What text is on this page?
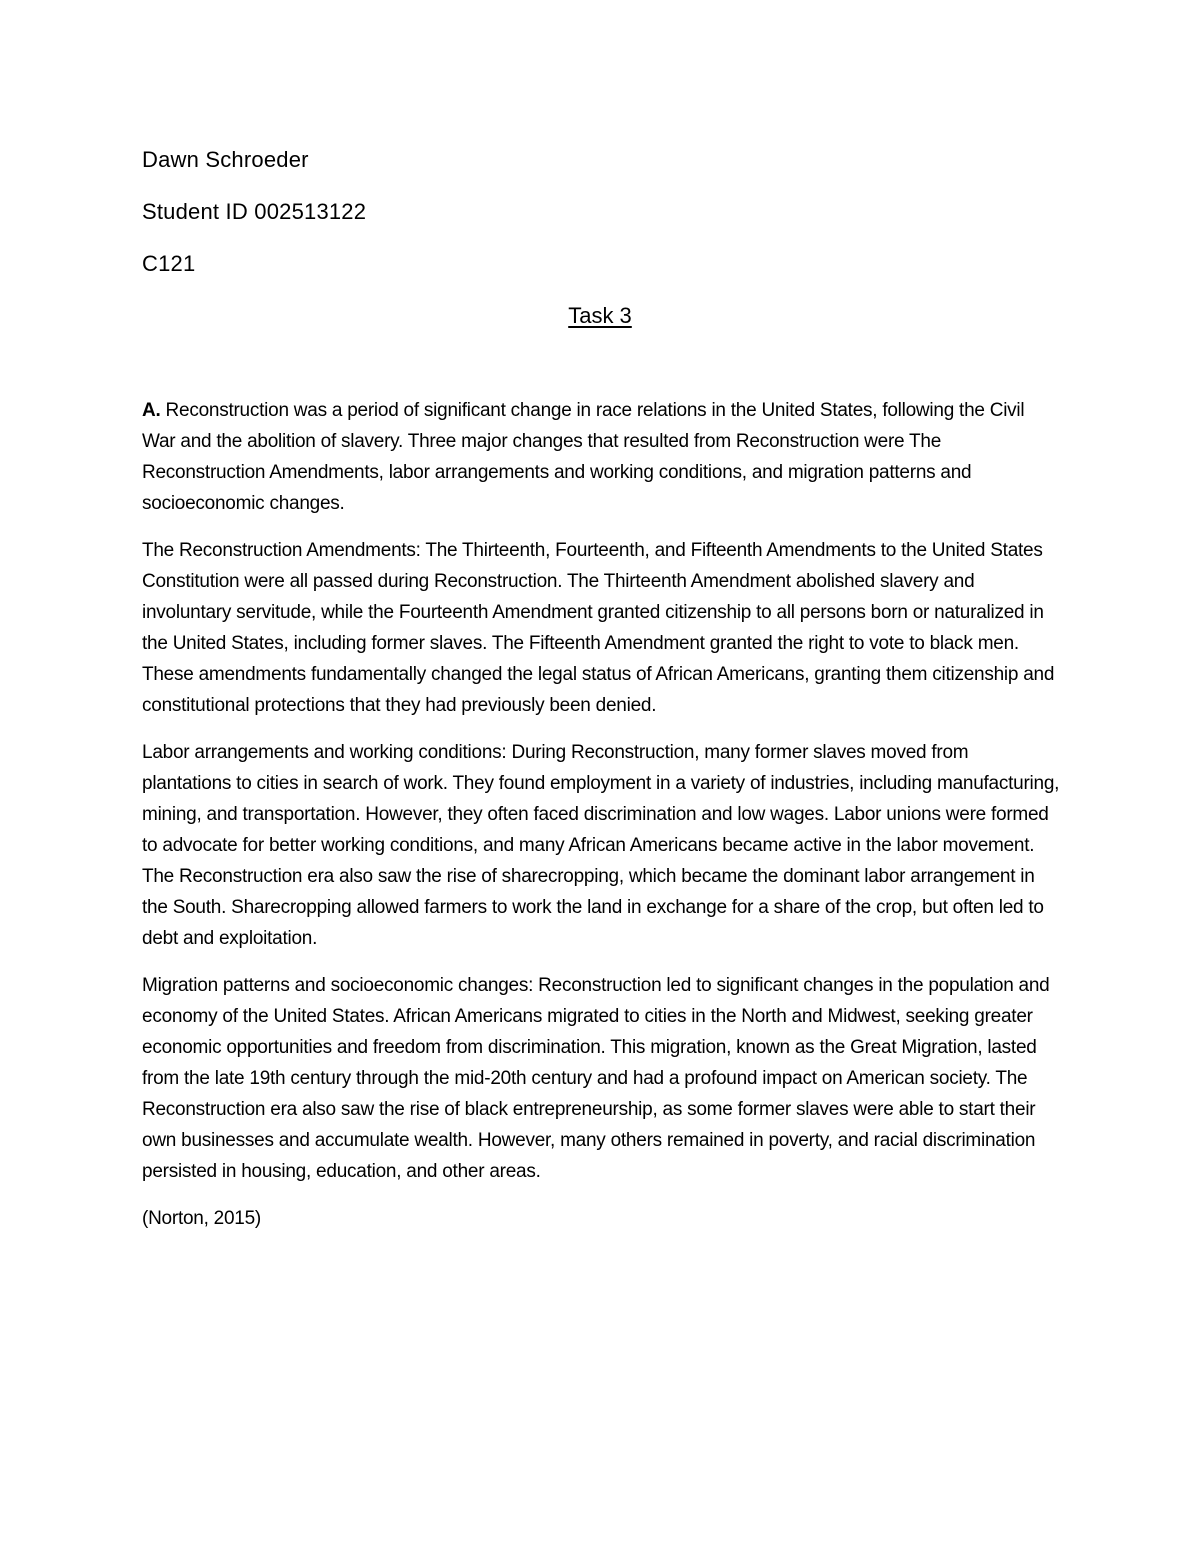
Dawn Schroeder
Student ID 002513122
C121
Task 3

A. Reconstruction was a period of significant change in race relations in the United States, following the Civil War and the abolition of slavery. Three major changes that resulted from Reconstruction were The Reconstruction Amendments, labor arrangements and working conditions, and migration patterns and socioeconomic changes.

The Reconstruction Amendments: The Thirteenth, Fourteenth, and Fifteenth Amendments to the United States Constitution were all passed during Reconstruction. The Thirteenth Amendment abolished slavery and involuntary servitude, while the Fourteenth Amendment granted citizenship to all persons born or naturalized in the United States, including former slaves. The Fifteenth Amendment granted the right to vote to black men. These amendments fundamentally changed the legal status of African Americans, granting them citizenship and constitutional protections that they had previously been denied.

Labor arrangements and working conditions: During Reconstruction, many former slaves moved from plantations to cities in search of work. They found employment in a variety of industries, including manufacturing, mining, and transportation. However, they often faced discrimination and low wages. Labor unions were formed to advocate for better working conditions, and many African Americans became active in the labor movement. The Reconstruction era also saw the rise of sharecropping, which became the dominant labor arrangement in the South. Sharecropping allowed farmers to work the land in exchange for a share of the crop, but often led to debt and exploitation.

Migration patterns and socioeconomic changes: Reconstruction led to significant changes in the population and economy of the United States. African Americans migrated to cities in the North and Midwest, seeking greater economic opportunities and freedom from discrimination. This migration, known as the Great Migration, lasted from the late 19th century through the mid-20th century and had a profound impact on American society. The Reconstruction era also saw the rise of black entrepreneurship, as some former slaves were able to start their own businesses and accumulate wealth. However, many others remained in poverty, and racial discrimination persisted in housing, education, and other areas.

(Norton, 2015)
